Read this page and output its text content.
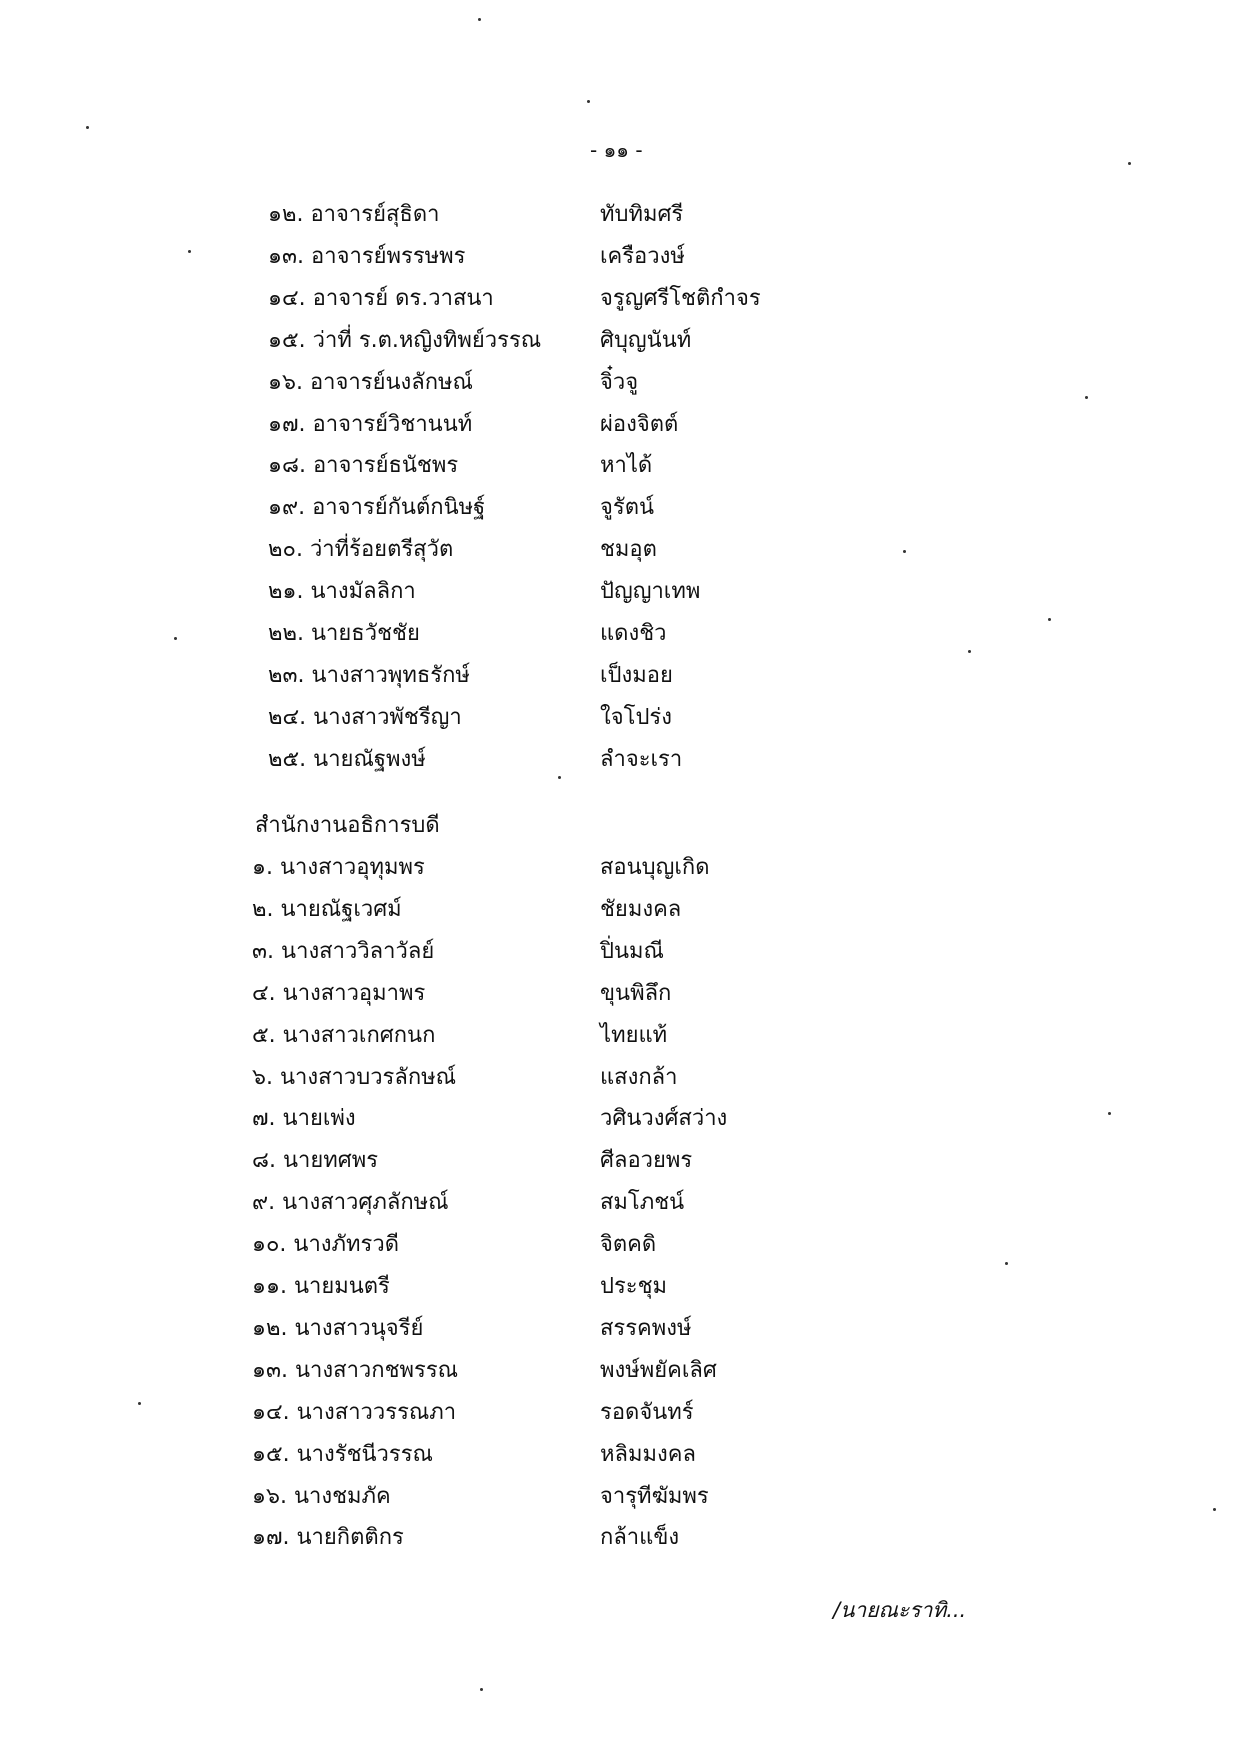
- ๑๑ -
๑๒. อาจารย์สุธิดา	ทับทิมศรี
๑๓. อาจารย์พรรษพร	เครือวงษ์
๑๔. อาจารย์ ดร.วาสนา	จรูญศรีโชติกำจร
๑๕. ว่าที่ ร.ต.หญิงทิพย์วรรณ	ศิบุญนันท์
๑๖. อาจารย์นงลักษณ์	จิ๋วจู
๑๗. อาจารย์วิชานนท์	ผ่องจิตต์
๑๘. อาจารย์ธนัชพร	หาได้
๑๙. อาจารย์กันต์กนิษฐ์	จูรัตน์
๒๐. ว่าที่ร้อยตรีสุวัต	ชมอุต
๒๑. นางมัลลิกา	ปัญญาเทพ
๒๒. นายธวัชชัย	แดงชิว
๒๓. นางสาวพุทธรักษ์	เป็งมอย
๒๔. นางสาวพัชรีญา	ใจโปร่ง
๒๕. นายณัฐพงษ์	ลำจะเรา
สำนักงานอธิการบดี
๑. นางสาวอุทุมพร	สอนบุญเกิด
๒. นายณัฐเวศม์	ชัยมงคล
๓. นางสาววิลาวัลย์	ปิ่นมณี
๔. นางสาวอุมาพร	ขุนพิลึก
๕. นางสาวเกศกนก	ไทยแท้
๖. นางสาวบวรลักษณ์	แสงกล้า
๗. นายเพ่ง	วศินวงศ์สว่าง
๘. นายทศพร	ศีลอวยพร
๙. นางสาวศุภลักษณ์	สมโภชน์
๑๐. นางภัทรวดี	จิตคดิ
๑๑. นายมนตรี	ประชุม
๑๒. นางสาวนุจรีย์	สรรคพงษ์
๑๓. นางสาวกชพรรณ	พงษ์พยัคเลิศ
๑๔. นางสาววรรณภา	รอดจันทร์
๑๕. นางรัชนีวรรณ	หลิมมงคล
๑๖. นางชมภัค	จารุทีฆัมพร
๑๗. นายกิตติกร	กล้าแข็ง
/นายณะราทิ...
